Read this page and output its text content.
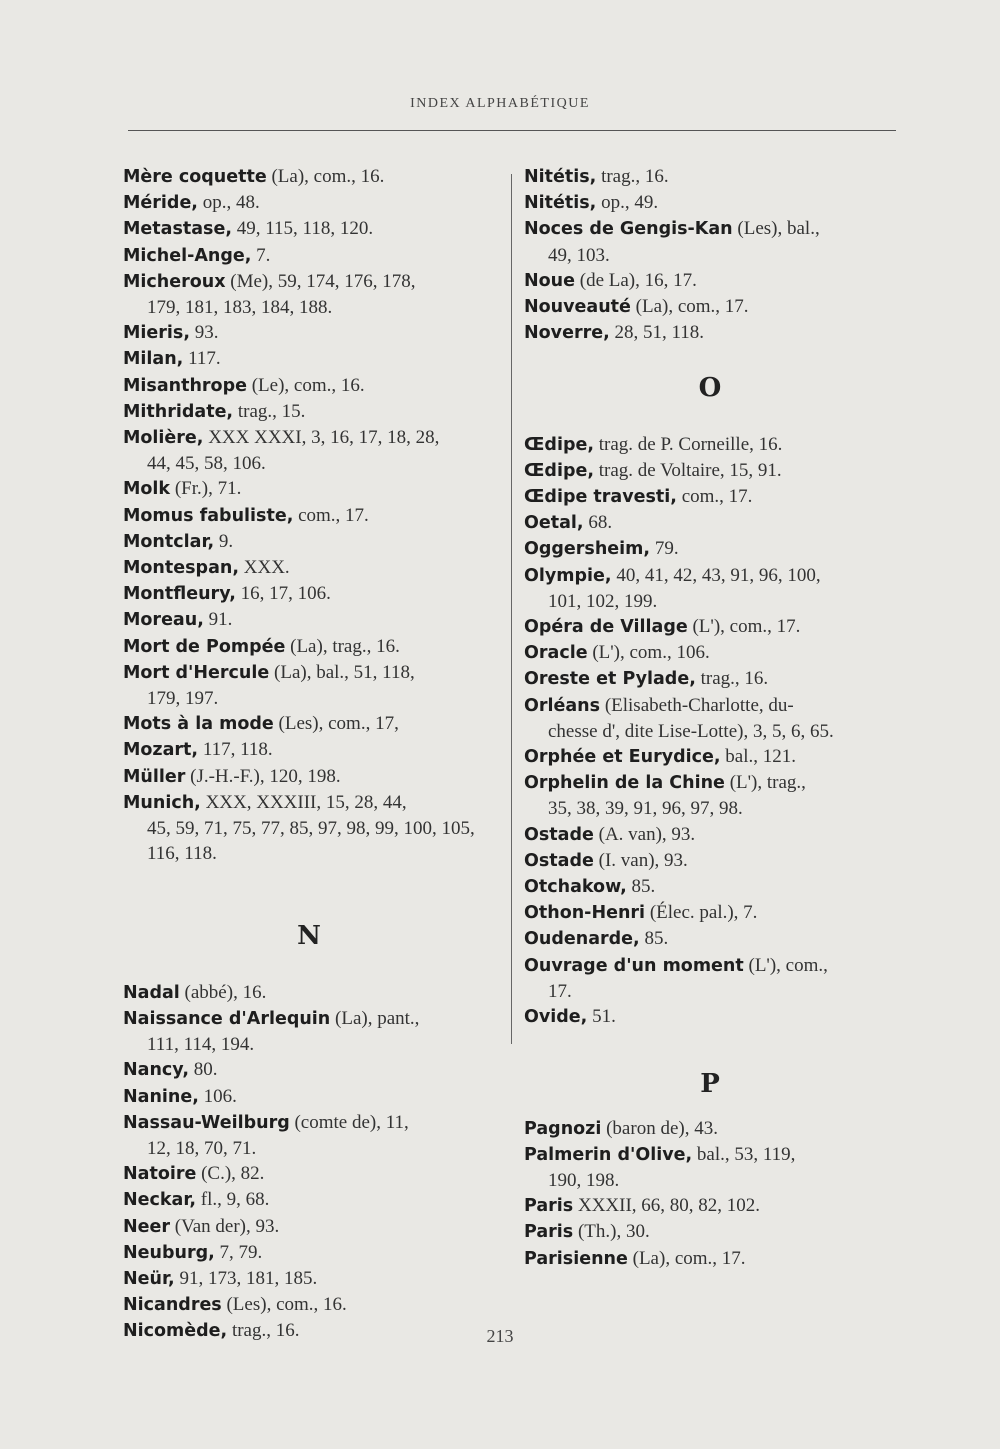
INDEX ALPHABÉTIQUE
Mère coquette (La), com., 16.
Méride, op., 48.
Metastase, 49, 115, 118, 120.
Michel-Ange, 7.
Micheroux (Me), 59, 174, 176, 178,
179, 181, 183, 184, 188.
Mieris, 93.
Milan, 117.
Misanthrope (Le), com., 16.
Mithridate, trag., 15.
Molière, XXX XXXI, 3, 16, 17, 18, 28,
44, 45, 58, 106.
Molk (Fr.), 71.
Momus fabuliste, com., 17.
Montclar, 9.
Montespan, XXX.
Montfleury, 16, 17, 106.
Moreau, 91.
Mort de Pompée (La), trag., 16.
Mort d'Hercule (La), bal., 51, 118,
179, 197.
Mots à la mode (Les), com., 17,
Mozart, 117, 118.
Müller (J.-H.-F.), 120, 198.
Munich, XXX, XXXIII, 15, 28, 44,
45, 59, 71, 75, 77, 85, 97, 98, 99, 100, 105, 116, 118.
N
Nadal (abbé), 16.
Naissance d'Arlequin (La), pant.,
111, 114, 194.
Nancy, 80.
Nanine, 106.
Nassau-Weilburg (comte de), 11,
12, 18, 70, 71.
Natoire (C.), 82.
Neckar, fl., 9, 68.
Neer (Van der), 93.
Neuburg, 7, 79.
Neür, 91, 173, 181, 185.
Nicandres (Les), com., 16.
Nicomède, trag., 16.
Nitétis, trag., 16.
Nitétis, op., 49.
Noces de Gengis-Kan (Les), bal.,
49, 103.
Noue (de La), 16, 17.
Nouveauté (La), com., 17.
Noverre, 28, 51, 118.
O
Œdipe, trag. de P. Corneille, 16.
Œdipe, trag. de Voltaire, 15, 91.
Œdipe travesti, com., 17.
Oetal, 68.
Oggersheim, 79.
Olympie, 40, 41, 42, 43, 91, 96, 100,
101, 102, 199.
Opéra de Village (L'), com., 17.
Oracle (L'), com., 106.
Oreste et Pylade, trag., 16.
Orléans (Elisabeth-Charlotte, du-
chesse d', dite Lise-Lotte), 3, 5, 6, 65.
Orphée et Eurydice, bal., 121.
Orphelin de la Chine (L'), trag.,
35, 38, 39, 91, 96, 97, 98.
Ostade (A. van), 93.
Ostade (I. van), 93.
Otchakow, 85.
Othon-Henri (Élec. pal.), 7.
Oudenarde, 85.
Ouvrage d'un moment (L'), com.,
17.
Ovide, 51.
P
Pagnozi (baron de), 43.
Palmerin d'Olive, bal., 53, 119,
190, 198.
Paris XXXII, 66, 80, 82, 102.
Paris (Th.), 30.
Parisienne (La), com., 17.
213
